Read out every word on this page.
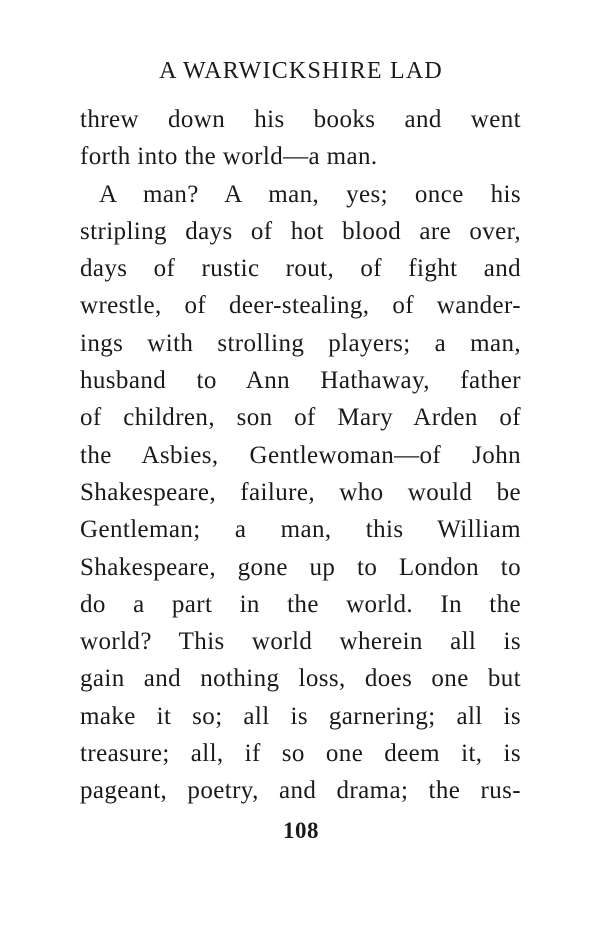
A WARWICKSHIRE LAD
threw down his books and went
forth into the world—a man.
A man? A man, yes; once his
stripling days of hot blood are over,
days of rustic rout, of fight and
wrestle, of deer-stealing, of wander-
ings with strolling players; a man,
husband to Ann Hathaway, father
of children, son of Mary Arden of
the Asbies, Gentlewoman—of John
Shakespeare, failure, who would be
Gentleman; a man, this William
Shakespeare, gone up to London to
do a part in the world. In the
world? This world wherein all is
gain and nothing loss, does one but
make it so; all is garnering; all is
treasure; all, if so one deem it, is
pageant, poetry, and drama; the rus-
108
